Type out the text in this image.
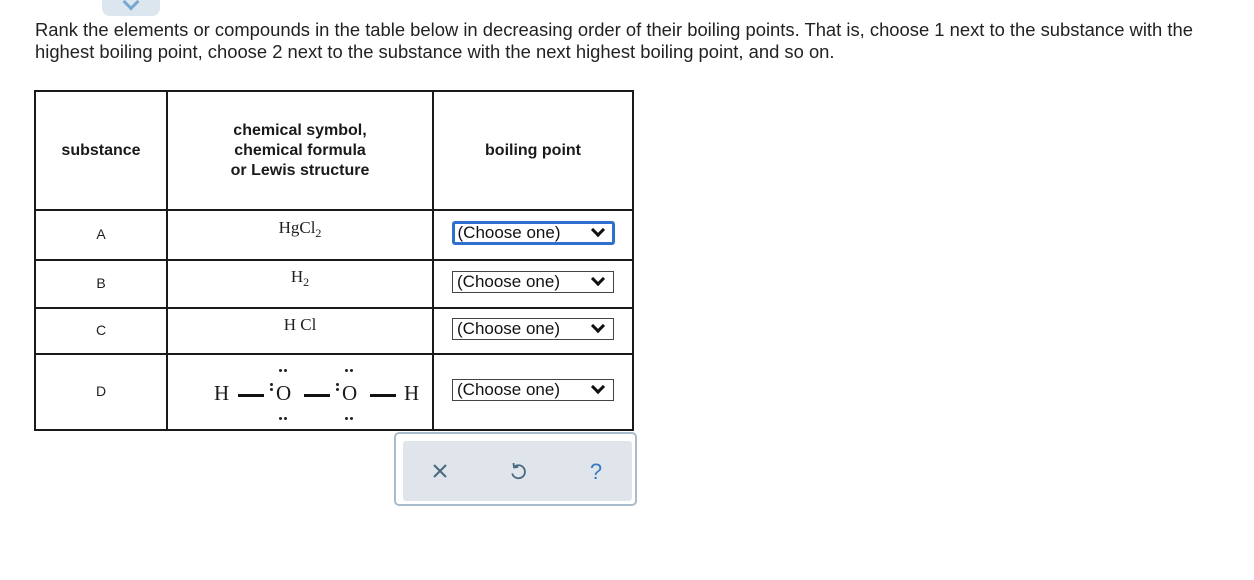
Rank the elements or compounds in the table below in decreasing order of their boiling points. That is, choose 1 next to the substance with the highest boiling point, choose 2 next to the substance with the next highest boiling point, and so on.
substance	chemical symbol,
chemical formula
or Lewis structure	boiling point
A	HgCl$_2$	(Choose one)

B	$H_2$	(Choose one)

C	H Cl	(Choose one)

D	H O O H	(Choose one)
?
